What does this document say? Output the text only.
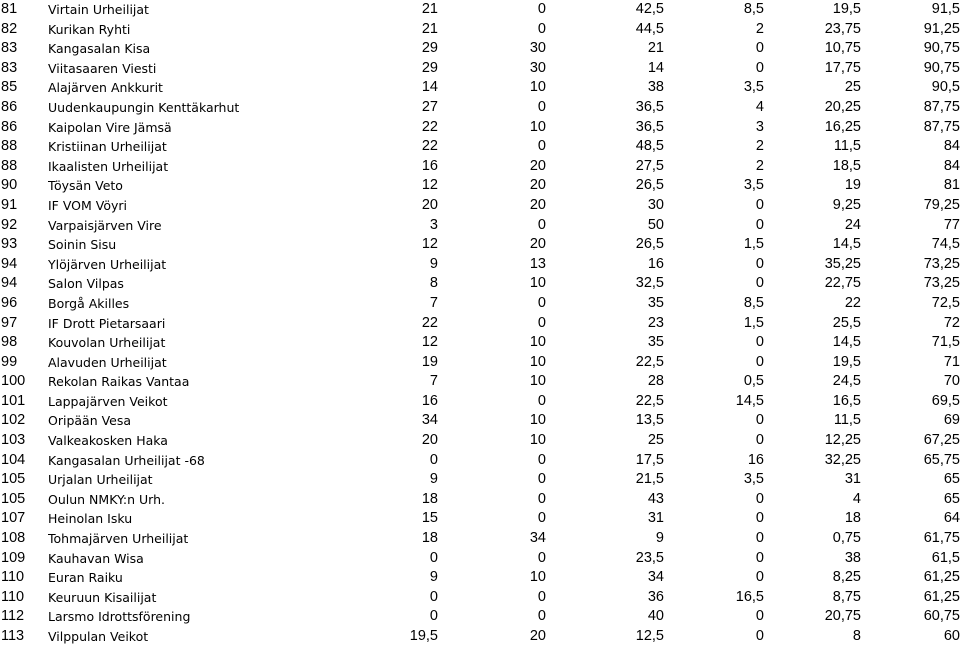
81	Virtain Urheilijat	21	0	42,5	8,5	19,5	91,5
82	Kurikan Ryhti	21	0	44,5	2	23,75	91,25
83	Kangasalan Kisa	29	30	21	0	10,75	90,75
83	Viitasaaren Viesti	29	30	14	0	17,75	90,75
85	Alajärven Ankkurit	14	10	38	3,5	25	90,5
86	Uudenkaupungin Kenttäkarhut	27	0	36,5	4	20,25	87,75
86	Kaipolan Vire Jämsä	22	10	36,5	3	16,25	87,75
88	Kristiinan Urheilijat	22	0	48,5	2	11,5	84
88	Ikaalisten Urheilijat	16	20	27,5	2	18,5	84
90	Töysän Veto	12	20	26,5	3,5	19	81
91	IF VOM Vöyri	20	20	30	0	9,25	79,25
92	Varpaisjärven Vire	3	0	50	0	24	77
93	Soinin Sisu	12	20	26,5	1,5	14,5	74,5
94	Ylöjärven Urheilijat	9	13	16	0	35,25	73,25
94	Salon Vilpas	8	10	32,5	0	22,75	73,25
96	Borgå Akilles	7	0	35	8,5	22	72,5
97	IF Drott Pietarsaari	22	0	23	1,5	25,5	72
98	Kouvolan Urheilijat	12	10	35	0	14,5	71,5
99	Alavuden Urheilijat	19	10	22,5	0	19,5	71
100	Rekolan Raikas Vantaa	7	10	28	0,5	24,5	70
101	Lappajärven Veikot	16	0	22,5	14,5	16,5	69,5
102	Oripään Vesa	34	10	13,5	0	11,5	69
103	Valkeakosken Haka	20	10	25	0	12,25	67,25
104	Kangasalan Urheilijat -68	0	0	17,5	16	32,25	65,75
105	Urjalan Urheilijat	9	0	21,5	3,5	31	65
105	Oulun NMKY:n Urh.	18	0	43	0	4	65
107	Heinolan Isku	15	0	31	0	18	64
108	Tohmajärven Urheilijat	18	34	9	0	0,75	61,75
109	Kauhavan Wisa	0	0	23,5	0	38	61,5
110	Euran Raiku	9	10	34	0	8,25	61,25
110	Keuruun Kisailijat	0	0	36	16,5	8,75	61,25
112	Larsmo Idrottsförening	0	0	40	0	20,75	60,75
113	Vilppulan Veikot	19,5	20	12,5	0	8	60
